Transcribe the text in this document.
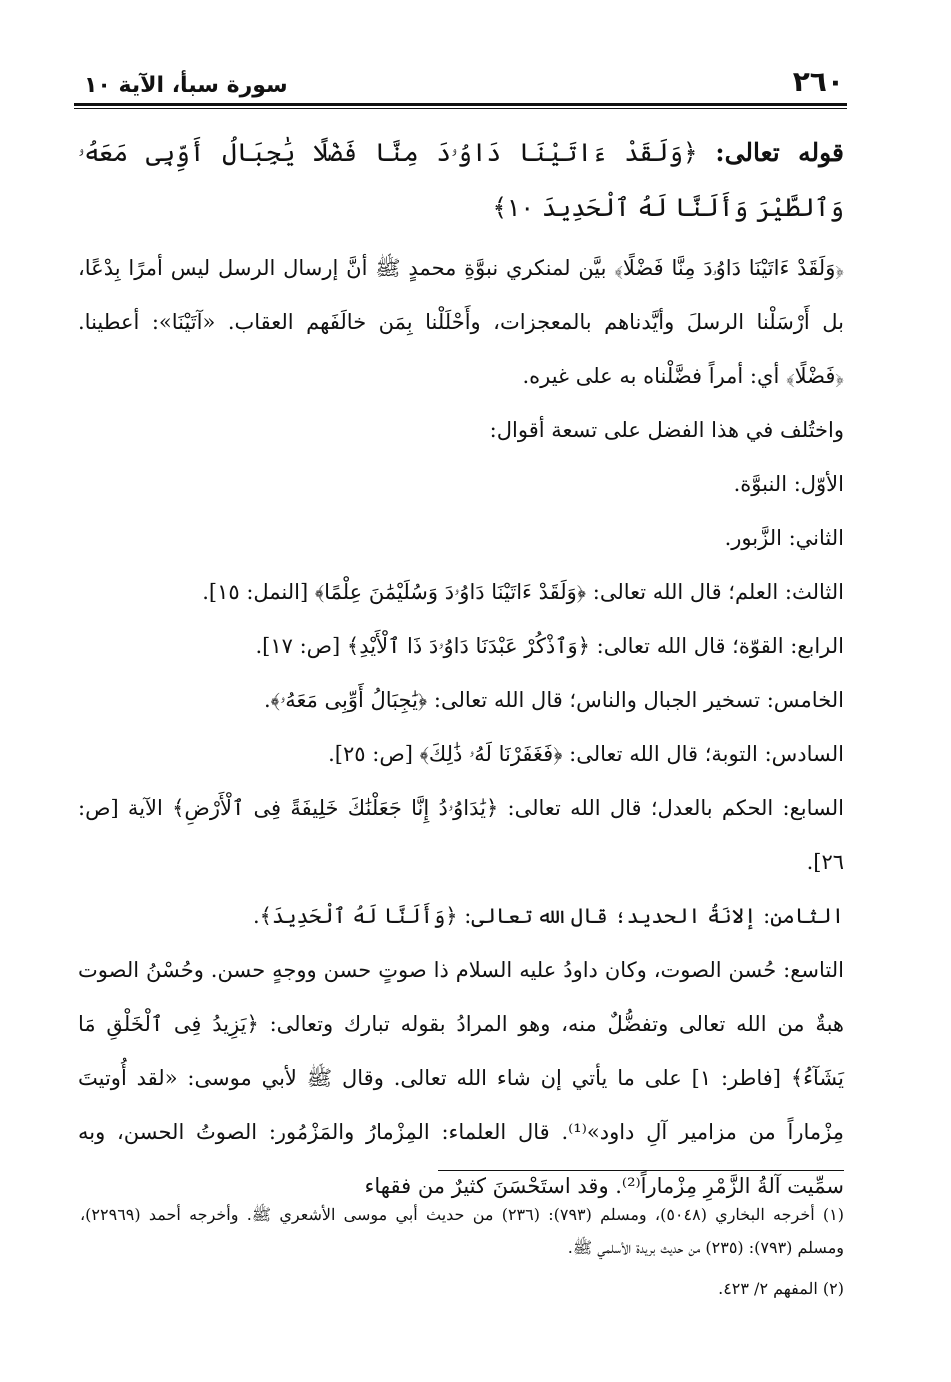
٢٦٠
سورة سبأ، الآية ١٠

قوله تعالى: ﴿وَلَقَدْ ءَاتَيْنَا دَاوُۥدَ مِنَّا فَضْلًا يَٰجِبَالُ أَوِّبِى مَعَهُۥ وَٱلطَّيْرَ وَأَلَنَّا لَهُ ٱلْحَدِيدَ ١٠﴾

﴿وَلَقَدْ ءَاتَيْنَا دَاوُۥدَ مِنَّا فَضْلًا﴾ بيَّن لمنكري نبوَّةِ محمدٍ ﷺ أنَّ إرسال الرسل ليس أمرًا بِدْعًا، بل أَرْسَلْنا الرسلَ وأيَّدناهم بالمعجزات، وأَحْلَلْنا بِمَن خالَفَهم العقاب. «آتَيْنَا»: أعطينا. ﴿فَضْلًا﴾ أي: أمراً فضَّلْناه به على غيره.

واختُلف في هذا الفضل على تسعة أقوال:

الأوّل: النبوَّة.

الثاني: الزَّبور.

الثالث: العلم؛ قال الله تعالى: ﴿وَلَقَدْ ءَاتَيْنَا دَاوُۥدَ وَسُلَيْمَٰنَ عِلْمًا﴾ [النمل: ١٥].

الرابع: القوّة؛ قال الله تعالى: ﴿وَٱذْكُرْ عَبْدَنَا دَاوُۥدَ ذَا ٱلْأَيْدِ﴾ [ص: ١٧].

الخامس: تسخير الجبال والناس؛ قال الله تعالى: ﴿يَٰجِبَالُ أَوِّبِى مَعَهُۥ﴾.

السادس: التوبة؛ قال الله تعالى: ﴿فَغَفَرْنَا لَهُۥ ذَٰلِكَ﴾ [ص: ٢٥].

السابع: الحكم بالعدل؛ قال الله تعالى: ﴿يَٰدَاوُۥدُ إِنَّا جَعَلْنَٰكَ خَلِيفَةً فِى ٱلْأَرْضِ﴾ الآية [ص: ٢٦].

الثامن: إلانَةُ الحديد؛ قال الله تعالى: ﴿وَأَلَنَّا لَهُ ٱلْحَدِيدَ﴾.

التاسع: حُسن الصوت، وكان داودُ عليه السلام ذا صوتٍ حسن ووجهٍ حسن. وحُسْنُ الصوت هبةٌ من الله تعالى وتفضُّلٌ منه، وهو المرادُ بقوله تبارك وتعالى: ﴿يَزِيدُ فِى ٱلْخَلْقِ مَا يَشَآءُ﴾ [فاطر: ١] على ما يأتي إن شاء الله تعالى. وقال ﷺ لأبي موسى: «لقد أُوتيتَ مِزْماراً من مزامير آلِ داود»⁽¹⁾. قال العلماء: المِزْمارُ والمَزْمُور: الصوتُ الحسن، وبه سمِّيت آلةُ الزَّمْرِ مِزْماراً⁽²⁾. وقد استَحْسَنَ كثيرٌ من فقهاء

(١) أخرجه البخاري (٥٠٤٨)، ومسلم (٧٩٣): (٢٣٦) من حديث أبي موسى الأشعري ﷺ. وأخرجه أحمد (٢٢٩٦٩)، ومسلم (٧٩٣): (٢٣٥) من حديث بريدة الأسلمي ﷺ.

(٢) المفهم ٢/ ٤٢٣.
